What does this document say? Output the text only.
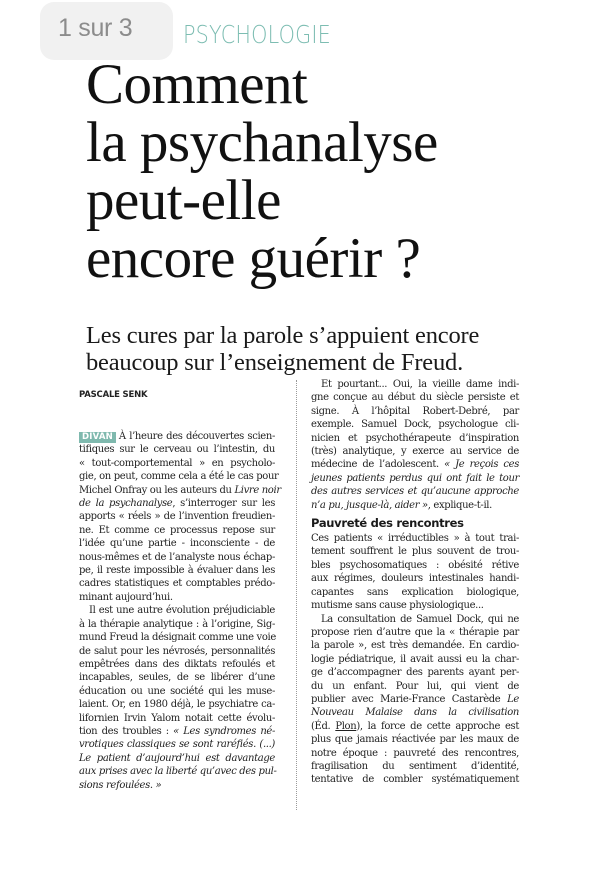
1 sur 3 PSYCHOLOGIE
Comment
la psychanalyse
peut-elle
encore guérir ?
Les cures par la parole s’appuient encore
beaucoup sur l’enseignement de Freud.
PASCALE SENK
DIVAN À l’heure des découvertes scien-
tifiques sur le cerveau ou l’intestin, du
« tout-comportemental » en psycholo-
gie, on peut, comme cela a été le cas pour
Michel Onfray ou les auteurs du Livre noir
de la psychanalyse, s’interroger sur les
apports « réels » de l’invention freudien-
ne. Et comme ce processus repose sur
l’idée qu’une partie - inconsciente - de
nous-mêmes et de l’analyste nous échap-
pe, il reste impossible à évaluer dans les
cadres statistiques et comptables prédo-
minant aujourd’hui.
Il est une autre évolution préjudiciable
à la thérapie analytique : à l’origine, Sig-
mund Freud la désignait comme une voie
de salut pour les névrosés, personnalités
empêtrées dans des diktats refoulés et
incapables, seules, de se libérer d’une
éducation ou une société qui les muse-
laient. Or, en 1980 déjà, le psychiatre ca-
lifornien Irvin Yalom notait cette évolu-
tion des troubles : « Les syndromes né-
vrotiques classiques se sont raréfiés. (...)
Le patient d’aujourd’hui est davantage
aux prises avec la liberté qu’avec des pul-
sions refoulées. »
Et pourtant... Oui, la vieille dame indi-
gne conçue au début du siècle persiste et
signe. À l’hôpital Robert-Debré, par
exemple. Samuel Dock, psychologue cli-
nicien et psychothérapeute d’inspiration
(très) analytique, y exerce au service de
médecine de l’adolescent. « Je reçois ces
jeunes patients perdus qui ont fait le tour
des autres services et qu’aucune approche
n’a pu, jusque-là, aider », explique-t-il.
Pauvreté des rencontres
Ces patients « irréductibles » à tout trai-
tement souffrent le plus souvent de trou-
bles psychosomatiques : obésité rétive
aux régimes, douleurs intestinales handi-
capantes sans explication biologique,
mutisme sans cause physiologique...
La consultation de Samuel Dock, qui ne
propose rien d’autre que la « thérapie par
la parole », est très demandée. En cardio-
logie pédiatrique, il avait aussi eu la char-
ge d’accompagner des parents ayant per-
du un enfant. Pour lui, qui vient de
publier avec Marie-France Castarède Le
Nouveau Malaise dans la civilisation
(Éd. Plon), la force de cette approche est
plus que jamais réactivée par les maux de
notre époque : pauvreté des rencontres,
fragilisation du sentiment d’identité,
tentative de combler systématiquement
